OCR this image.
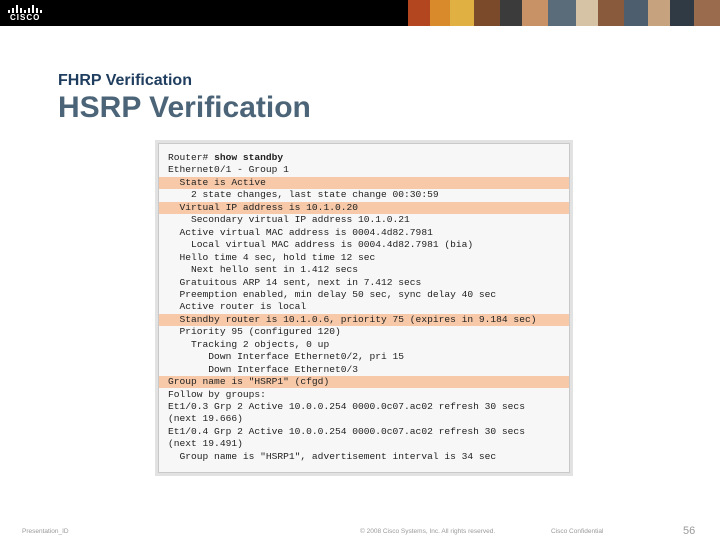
CISCO
FHRP Verification
HSRP Verification
Router# show standby
Ethernet0/1 - Group 1
State is Active
2 state changes, last state change 00:30:59
Virtual IP address is 10.1.0.20
Secondary virtual IP address 10.1.0.21
Active virtual MAC address is 0004.4d82.7981
Local virtual MAC address is 0004.4d82.7981 (bia)
Hello time 4 sec, hold time 12 sec
Next hello sent in 1.412 secs
Gratuitous ARP 14 sent, next in 7.412 secs
Preemption enabled, min delay 50 sec, sync delay 40 sec
Active router is local
Standby router is 10.1.0.6, priority 75 (expires in 9.184 sec)
Priority 95 (configured 120)
Tracking 2 objects, 0 up
Down Interface Ethernet0/2, pri 15
Down Interface Ethernet0/3
Group name is "HSRP1" (cfgd)
Follow by groups:
Et1/0.3 Grp 2 Active 10.0.0.254 0000.0c07.ac02 refresh 30 secs
(next 19.666)
Et1/0.4 Grp 2 Active 10.0.0.254 0000.0c07.ac02 refresh 30 secs
(next 19.491)
Group name is "HSRP1", advertisement interval is 34 sec
Presentation_ID	© 2008 Cisco Systems, Inc. All rights reserved.	Cisco Confidential	56
